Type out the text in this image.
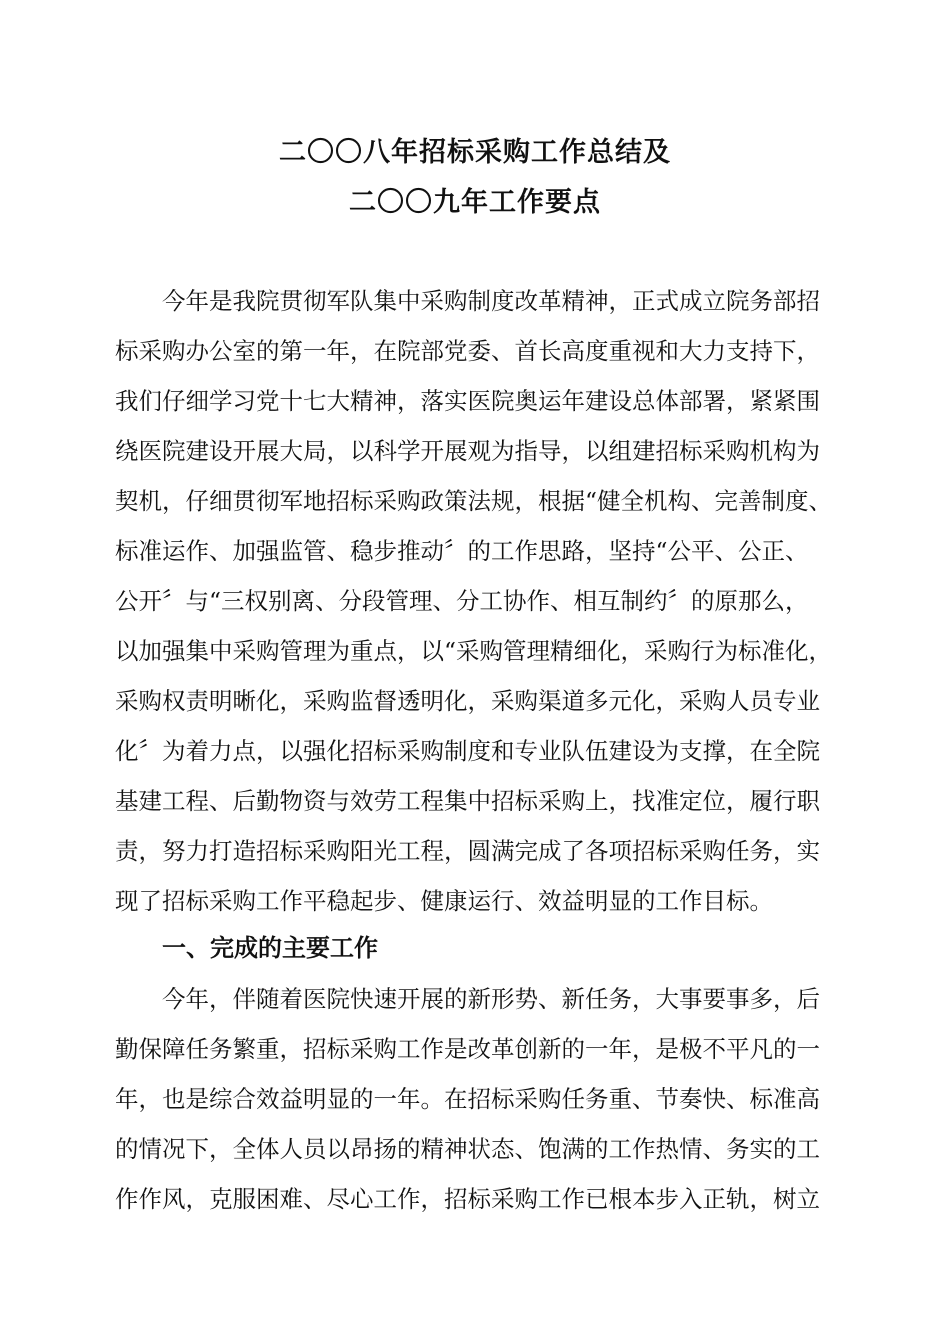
二〇〇八年招标采购工作总结及
二〇〇九年工作要点

今年是我院贯彻军队集中采购制度改革精神，正式成立院务部招

标采购办公室的第一年，在院部党委、首长高度重视和大力支持下，

我们仔细学习党十七大精神，落实医院奥运年建设总体部署，紧紧围

绕医院建设开展大局，以科学开展观为指导，以组建招标采购机构为

契机，仔细贯彻军地招标采购政策法规，根据“健全机构、完善制度、

标准运作、加强监管、稳步推动〞的工作思路，坚持“公平、公正、

公开〞与“三权别离、分段管理、分工协作、相互制约〞的原那么，

以加强集中采购管理为重点，以“采购管理精细化，采购行为标准化，

采购权责明晰化，采购监督透明化，采购渠道多元化，采购人员专业

化〞为着力点，以强化招标采购制度和专业队伍建设为支撑，在全院

基建工程、后勤物资与效劳工程集中招标采购上，找准定位，履行职

责，努力打造招标采购阳光工程，圆满完成了各项招标采购任务，实

现了招标采购工作平稳起步、健康运行、效益明显的工作目标。

一、完成的主要工作

今年，伴随着医院快速开展的新形势、新任务，大事要事多，后

勤保障任务繁重，招标采购工作是改革创新的一年，是极不平凡的一

年，也是综合效益明显的一年。在招标采购任务重、节奏快、标准高

的情况下，全体人员以昂扬的精神状态、饱满的工作热情、务实的工

作作风，克服困难、尽心工作，招标采购工作已根本步入正轨，树立
